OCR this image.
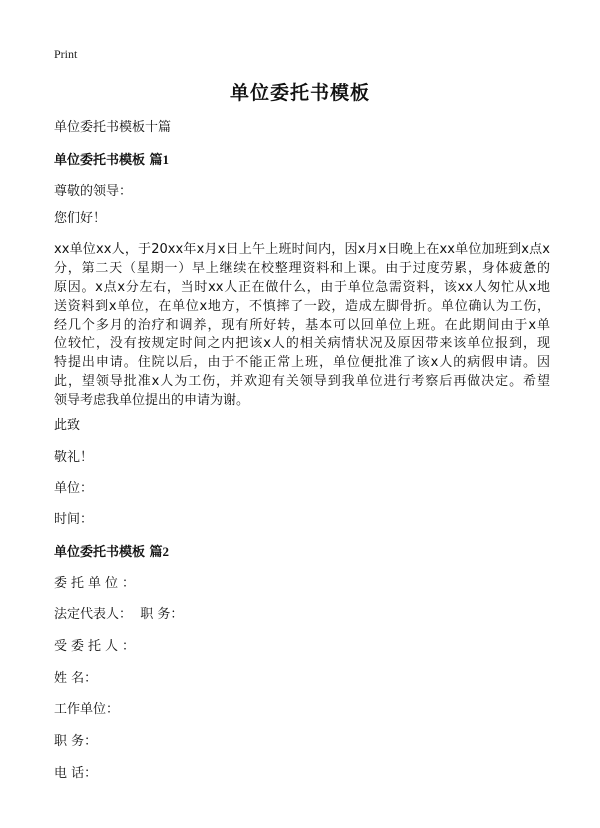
Print
单位委托书模板
单位委托书模板十篇
单位委托书模板 篇1
尊敬的领导：
您们好！
xx单位xx人，于20xx年x月x日上午上班时间内，因x月x日晚上在xx单位加班到x点x
分，第二天（星期一）早上继续在校整理资料和上课。由于过度劳累，身体疲惫的
原因。x点x分左右，当时xx人正在做什么，由于单位急需资料，该xx人匆忙从x地
送资料到x单位，在单位x地方，不慎摔了一跤，造成左脚骨折。单位确认为工伤，
经几个多月的治疗和调养，现有所好转，基本可以回单位上班。在此期间由于x单
位较忙，没有按规定时间之内把该x人的相关病情状况及原因带来该单位报到，现
特提出申请。住院以后，由于不能正常上班，单位便批准了该x人的病假申请。因
此，望领导批准x人为工伤，并欢迎有关领导到我单位进行考察后再做决定。希望
领导考虑我单位提出的申请为谢。
此致
敬礼！
单位：
时间：
单位委托书模板 篇2
委托单位：
法定代表人：  职 务：
受委托人：
姓 名：
工作单位：
职 务：
电 话：
